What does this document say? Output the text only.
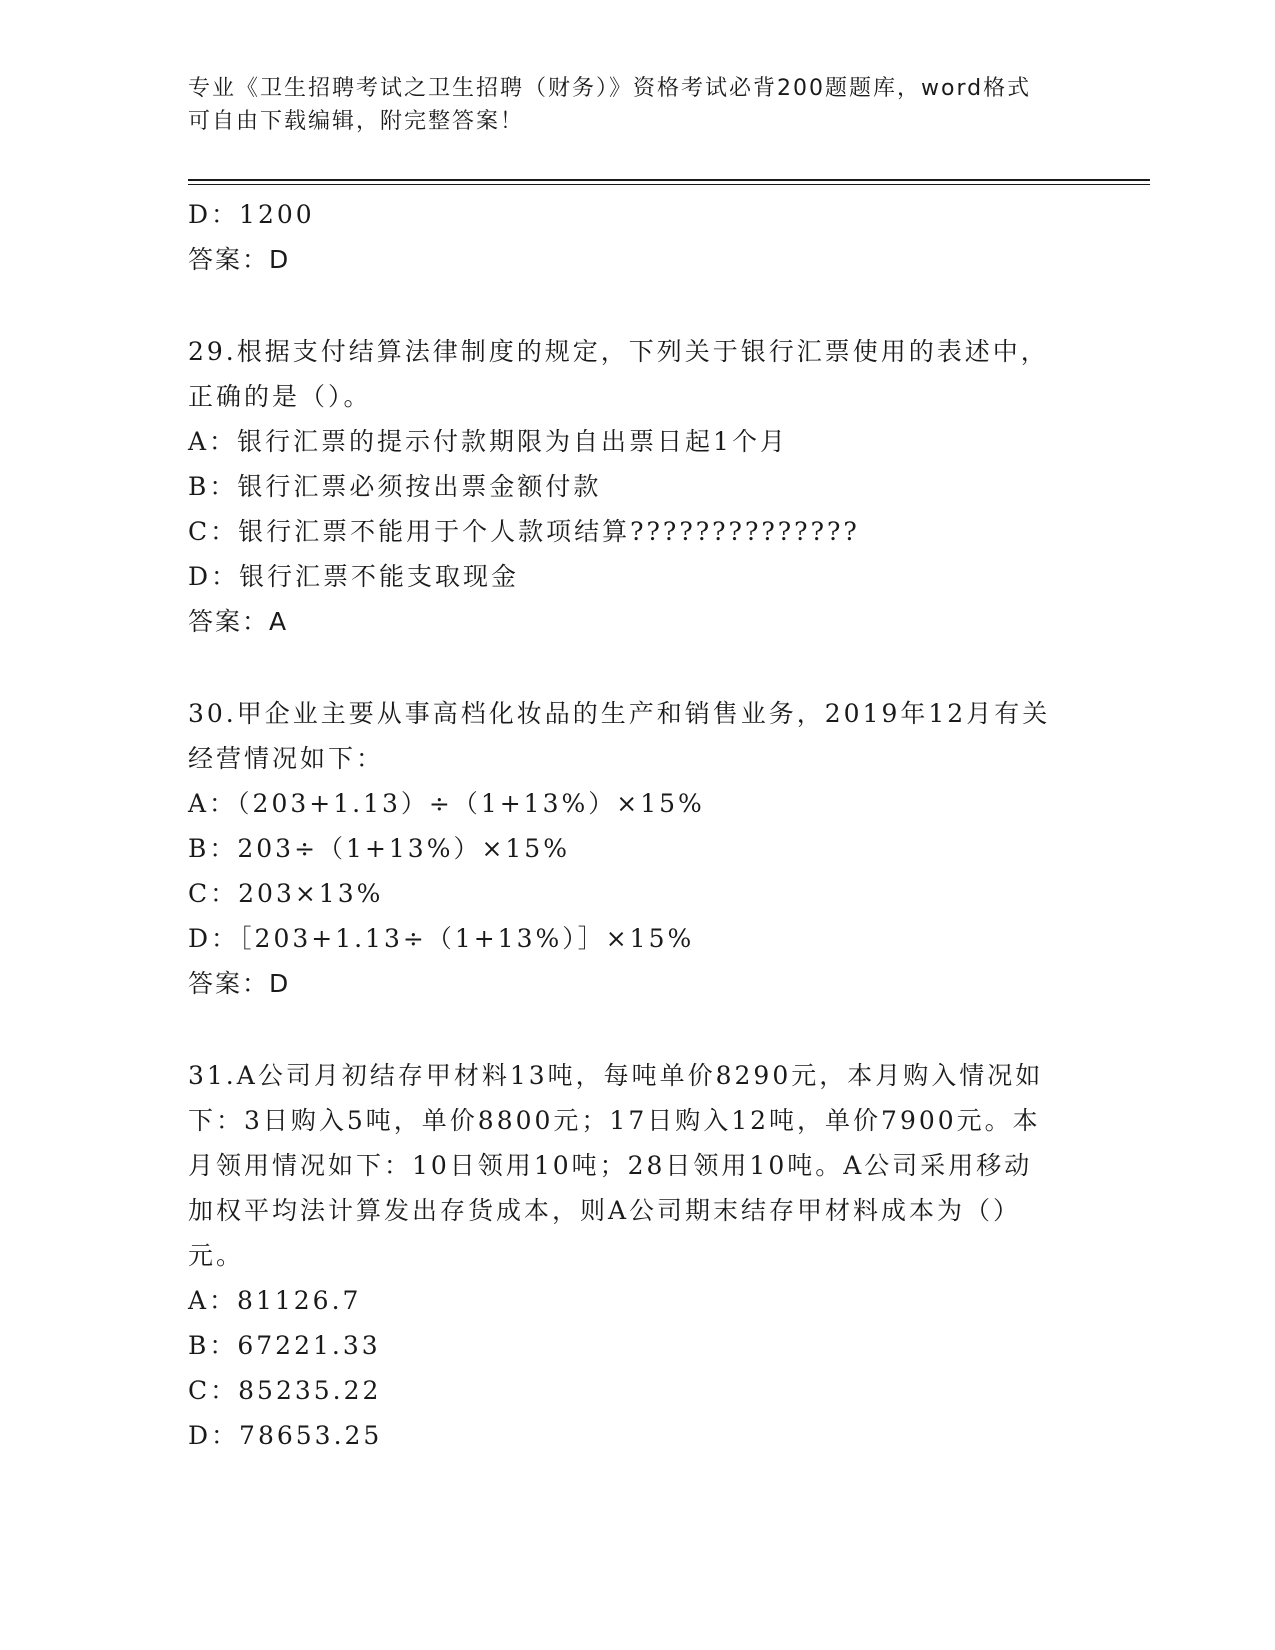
专业《卫生招聘考试之卫生招聘（财务）》资格考试必背200题题库，word格式
可自由下载编辑，附完整答案！
D：1200
答案：D
29.根据支付结算法律制度的规定，下列关于银行汇票使用的表述中，
正确的是（）。
A：银行汇票的提示付款期限为自出票日起1个月
B：银行汇票必须按出票金额付款
C：银行汇票不能用于个人款项结算??????????????
D：银行汇票不能支取现金
答案：A
30.甲企业主要从事高档化妆品的生产和销售业务，2019年12月有关
经营情况如下：
A：（203+1.13）÷（1+13%）×15%
B：203÷（1+13%）×15%
C：203×13%
D：［203+1.13÷（1+13%）］×15%
答案：D
31.A公司月初结存甲材料13吨，每吨单价8290元，本月购入情况如
下：3日购入5吨，单价8800元；17日购入12吨，单价7900元。本
月领用情况如下：10日领用10吨；28日领用10吨。A公司采用移动
加权平均法计算发出存货成本，则A公司期末结存甲材料成本为（）
元。
A：81126.7
B：67221.33
C：85235.22
D：78653.25
